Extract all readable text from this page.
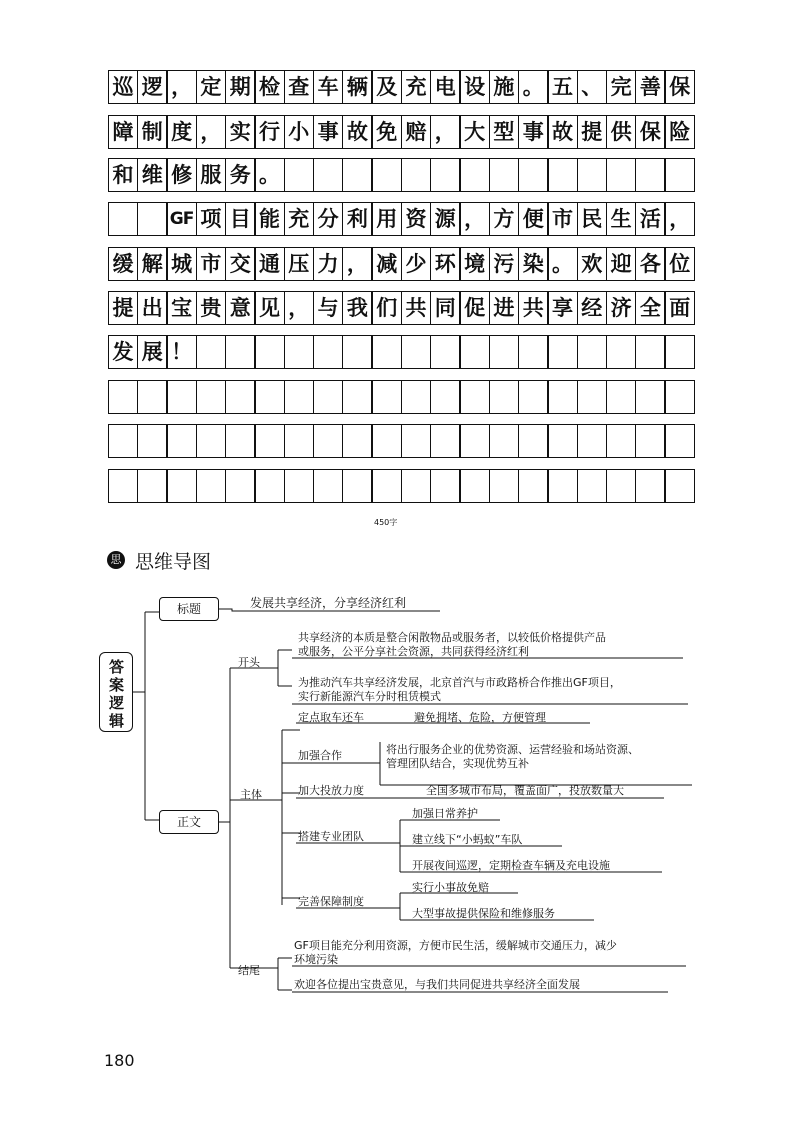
巡 逻 ， 定 期 检 查 车 辆 及 充 电 设 施 。 五 、 完 善 保
障 制 度 ， 实 行 小 事 故 免 赔 ， 大 型 事 故 提 供 保 险
和 维 修 服 务 。
GF 项 目 能 充 分 利 用 资 源 ， 方 便 市 民 生 活 ，
缓 解 城 市 交 通 压 力 ， 减 少 环 境 污 染 。 欢 迎 各 位
提 出 宝 贵 意 见 ， 与 我 们 共 同 促 进 共 享 经 济 全 面
发 展 ！
450字
思 思维导图
答案逻辑
标题
正文
发展共享经济，分享经济红利
开头
共享经济的本质是整合闲散物品或服务者，以较低价格提供产品
或服务，公平分享社会资源，共同获得经济红利
为推动汽车共享经济发展，北京首汽与市政路桥合作推出GF项目，
实行新能源汽车分时租赁模式
主体
定点取车还车	避免拥堵、危险，方便管理
加强合作	将出行服务企业的优势资源、运营经验和场站资源、
管理团队结合，实现优势互补
加大投放力度	全国多城市布局，覆盖面广，投放数量大
搭建专业团队
加强日常养护
建立线下“小蚂蚁”车队
开展夜间巡逻，定期检查车辆及充电设施
完善保障制度
实行小事故免赔
大型事故提供保险和维修服务
结尾
GF项目能充分利用资源，方便市民生活，缓解城市交通压力，减少
环境污染
欢迎各位提出宝贵意见，与我们共同促进共享经济全面发展
180
